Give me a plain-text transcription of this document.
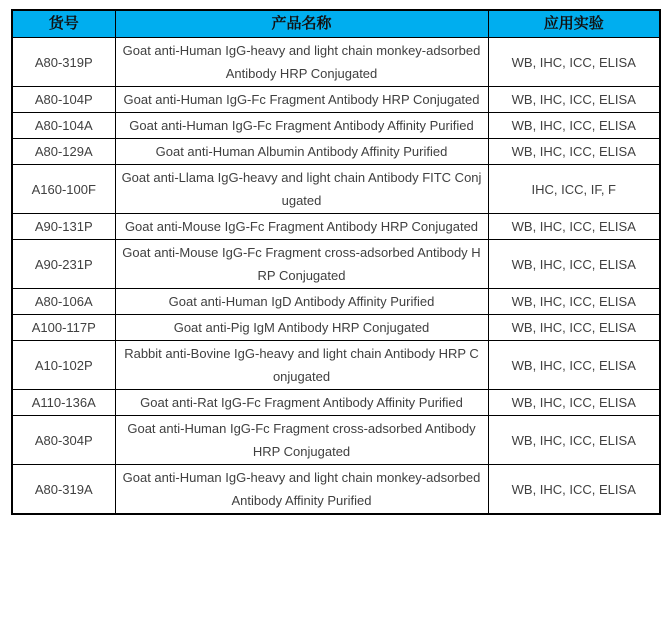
货号	产品名称	应用实验
A80-319P	Goat anti-Human IgG-heavy and light chain monkey-adsorbed Antibody HRP Conjugated	WB, IHC, ICC, ELISA
A80-104P	Goat anti-Human IgG-Fc Fragment Antibody HRP Conjugated	WB, IHC, ICC, ELISA
A80-104A	Goat anti-Human IgG-Fc Fragment Antibody Affinity Purified	WB, IHC, ICC, ELISA
A80-129A	Goat anti-Human Albumin Antibody Affinity Purified	WB, IHC, ICC, ELISA
A160-100F	Goat anti-Llama IgG-heavy and light chain Antibody FITC Conjugated	IHC, ICC, IF, F
A90-131P	Goat anti-Mouse IgG-Fc Fragment Antibody HRP Conjugated	WB, IHC, ICC, ELISA
A90-231P	Goat anti-Mouse IgG-Fc Fragment cross-adsorbed Antibody HRP Conjugated	WB, IHC, ICC, ELISA
A80-106A	Goat anti-Human IgD Antibody Affinity Purified	WB, IHC, ICC, ELISA
A100-117P	Goat anti-Pig IgM Antibody HRP Conjugated	WB, IHC, ICC, ELISA
A10-102P	Rabbit anti-Bovine IgG-heavy and light chain Antibody HRP Conjugated	WB, IHC, ICC, ELISA
A110-136A	Goat anti-Rat IgG-Fc Fragment Antibody Affinity Purified	WB, IHC, ICC, ELISA
A80-304P	Goat anti-Human IgG-Fc Fragment cross-adsorbed Antibody HRP Conjugated	WB, IHC, ICC, ELISA
A80-319A	Goat anti-Human IgG-heavy and light chain monkey-adsorbed Antibody Affinity Purified	WB, IHC, ICC, ELISA
